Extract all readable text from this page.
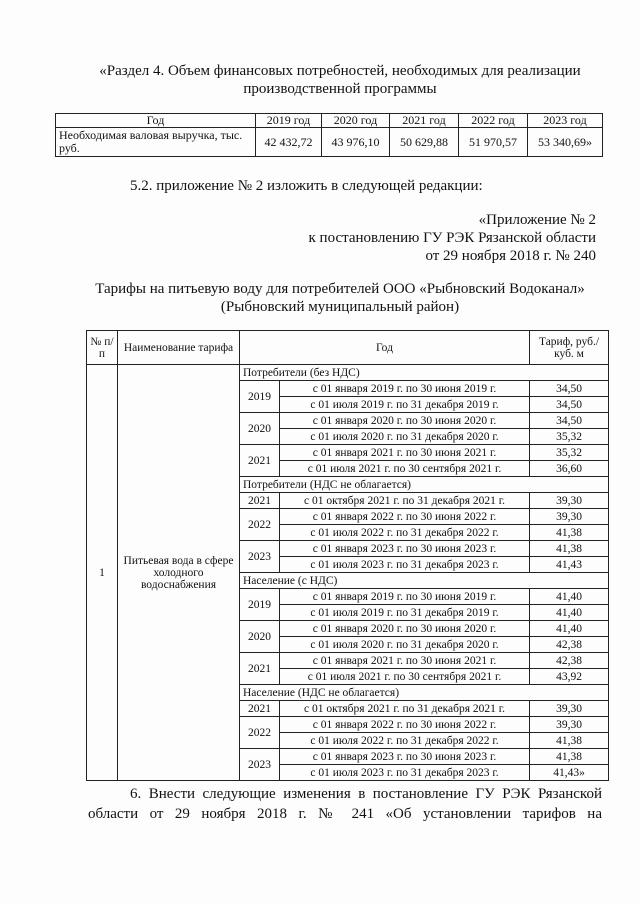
«Раздел 4. Объем финансовых потребностей, необходимых для реализации
производственной программы
Год	2019 год	2020 год	2021 год	2022 год	2023 год
Необходимая валовая выручка, тыс. руб.	42 432,72	43 976,10	50 629,88	51 970,57	53 340,69»
5.2. приложение № 2 изложить в следующей редакции:
«Приложение № 2
к постановлению ГУ РЭК Рязанской области
от 29 ноября 2018 г. № 240
Тарифы на питьевую воду для потребителей ООО «Рыбновский Водоканал»
(Рыбновский муниципальный район)
№ п/п	Наименование тарифа	Год		Тариф, руб./куб. м
1	Питьевая вода в сфере холодного водоснабжения	Потребители (без НДС)		
		2019	с 01 января 2019 г. по 30 июня 2019 г.	34,50
			с 01 июля 2019 г. по 31 декабря 2019 г.	34,50
		2020	с 01 января 2020 г. по 30 июня 2020 г.	34,50
			с 01 июля 2020 г. по 31 декабря 2020 г.	35,32
		2021	с 01 января 2021 г. по 30 июня 2021 г.	35,32
			с 01 июля 2021 г. по 30 сентября 2021 г.	36,60
		Потребители (НДС не облагается)		
		2021	с 01 октября 2021 г. по 31 декабря 2021 г.	39,30
		2022	с 01 января 2022 г. по 30 июня 2022 г.	39,30
			с 01 июля 2022 г. по 31 декабря 2022 г.	41,38
		2023	с 01 января 2023 г. по 30 июня 2023 г.	41,38
			с 01 июля 2023 г. по 31 декабря 2023 г.	41,43
		Население (с НДС)		
		2019	с 01 января 2019 г. по 30 июня 2019 г.	41,40
			с 01 июля 2019 г. по 31 декабря 2019 г.	41,40
		2020	с 01 января 2020 г. по 30 июня 2020 г.	41,40
			с 01 июля 2020 г. по 31 декабря 2020 г.	42,38
		2021	с 01 января 2021 г. по 30 июня 2021 г.	42,38
			с 01 июля 2021 г. по 30 сентября 2021 г.	43,92
		Население (НДС не облагается)		
		2021	с 01 октября 2021 г. по 31 декабря 2021 г.	39,30
		2022	с 01 января 2022 г. по 30 июня 2022 г.	39,30
			с 01 июля 2022 г. по 31 декабря 2022 г.	41,38
		2023	с 01 января 2023 г. по 30 июня 2023 г.	41,38
			с 01 июля 2023 г. по 31 декабря 2023 г.	41,43»
6. Внести следующие изменения в постановление ГУ РЭК Рязанской
области от 29 ноября 2018 г. № 241 «Об установлении тарифов на
